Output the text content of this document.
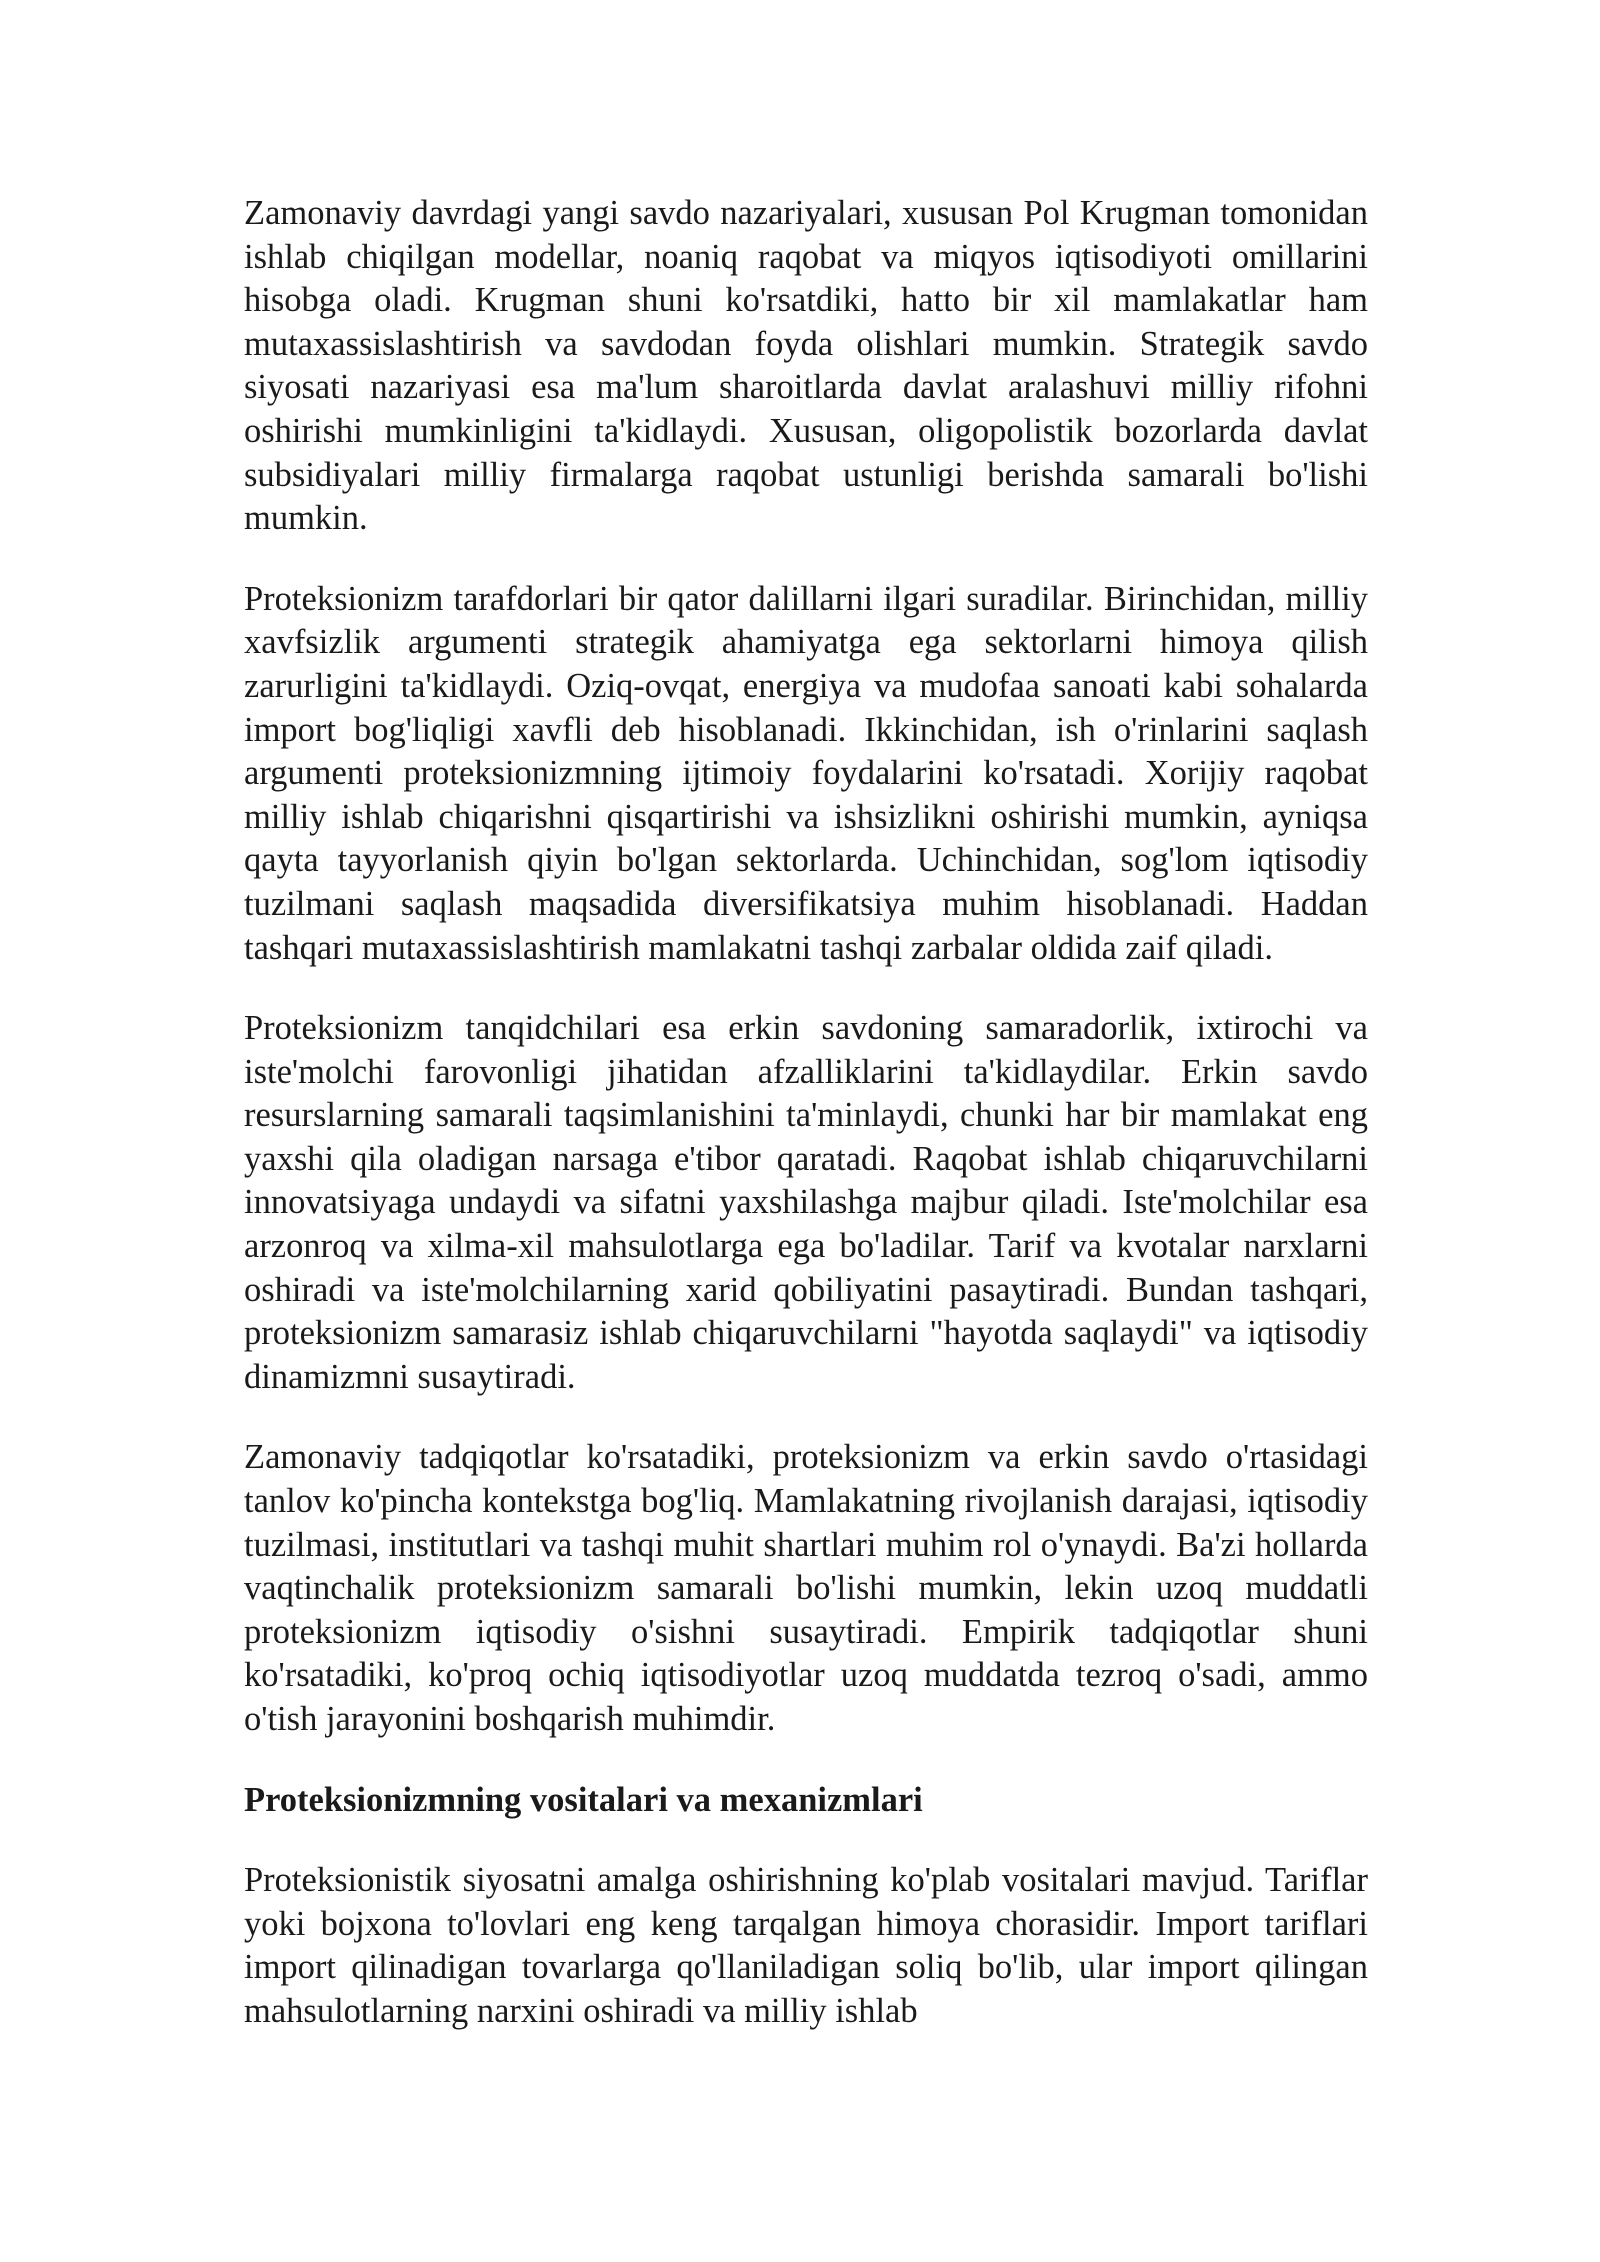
Zamonaviy davrdagi yangi savdo nazariyalari, xususan Pol Krugman tomonidan ishlab chiqilgan modellar, noaniq raqobat va miqyos iqtisodiyoti omillarini hisobga oladi. Krugman shuni ko'rsatdiki, hatto bir xil mamlakatlar ham mutaxassislashtirish va savdodan foyda olishlari mumkin. Strategik savdo siyosati nazariyasi esa ma'lum sharoitlarda davlat aralashuvi milliy rifohni oshirishi mumkinligini ta'kidlaydi. Xususan, oligopolistik bozorlarda davlat subsidiyalari milliy firmalarga raqobat ustunligi berishda samarali bo'lishi mumkin.

Proteksionizm tarafdorlari bir qator dalillarni ilgari suradilar. Birinchidan, milliy xavfsizlik argumenti strategik ahamiyatga ega sektorlarni himoya qilish zarurligini ta'kidlaydi. Oziq-ovqat, energiya va mudofaa sanoati kabi sohalarda import bog'liqligi xavfli deb hisoblanadi. Ikkinchidan, ish o'rinlarini saqlash argumenti proteksionizmning ijtimoiy foydalarini ko'rsatadi. Xorijiy raqobat milliy ishlab chiqarishni qisqartirishi va ishsizlikni oshirishi mumkin, ayniqsa qayta tayyorlanish qiyin bo'lgan sektorlarda. Uchinchidan, sog'lom iqtisodiy tuzilmani saqlash maqsadida diversifikatsiya muhim hisoblanadi. Haddan tashqari mutaxassislashtirish mamlakatni tashqi zarbalar oldida zaif qiladi.

Proteksionizm tanqidchilari esa erkin savdoning samaradorlik, ixtirochi va iste'molchi farovonligi jihatidan afzalliklarini ta'kidlaydilar. Erkin savdo resurslarning samarali taqsimlanishini ta'minlaydi, chunki har bir mamlakat eng yaxshi qila oladigan narsaga e'tibor qaratadi. Raqobat ishlab chiqaruvchilarni innovatsiyaga undaydi va sifatni yaxshilashga majbur qiladi. Iste'molchilar esa arzonroq va xilma-xil mahsulotlarga ega bo'ladilar. Tarif va kvotalar narxlarni oshiradi va iste'molchilarning xarid qobiliyatini pasaytiradi. Bundan tashqari, proteksionizm samarasiz ishlab chiqaruvchilarni "hayotda saqlaydi" va iqtisodiy dinamizmni susaytiradi.

Zamonaviy tadqiqotlar ko'rsatadiki, proteksionizm va erkin savdo o'rtasidagi tanlov ko'pincha kontekstga bog'liq. Mamlakatning rivojlanish darajasi, iqtisodiy tuzilmasi, institutlari va tashqi muhit shartlari muhim rol o'ynaydi. Ba'zi hollarda vaqtinchalik proteksionizm samarali bo'lishi mumkin, lekin uzoq muddatli proteksionizm iqtisodiy o'sishni susaytiradi. Empirik tadqiqotlar shuni ko'rsatadiki, ko'proq ochiq iqtisodiyotlar uzoq muddatda tezroq o'sadi, ammo o'tish jarayonini boshqarish muhimdir.

Proteksionizmning vositalari va mexanizmlari

Proteksionistik siyosatni amalga oshirishning ko'plab vositalari mavjud. Tariflar yoki bojxona to'lovlari eng keng tarqalgan himoya chorasidir. Import tariflari import qilinadigan tovarlarga qo'llaniladigan soliq bo'lib, ular import qilingan mahsulotlarning narxini oshiradi va milliy ishlab
